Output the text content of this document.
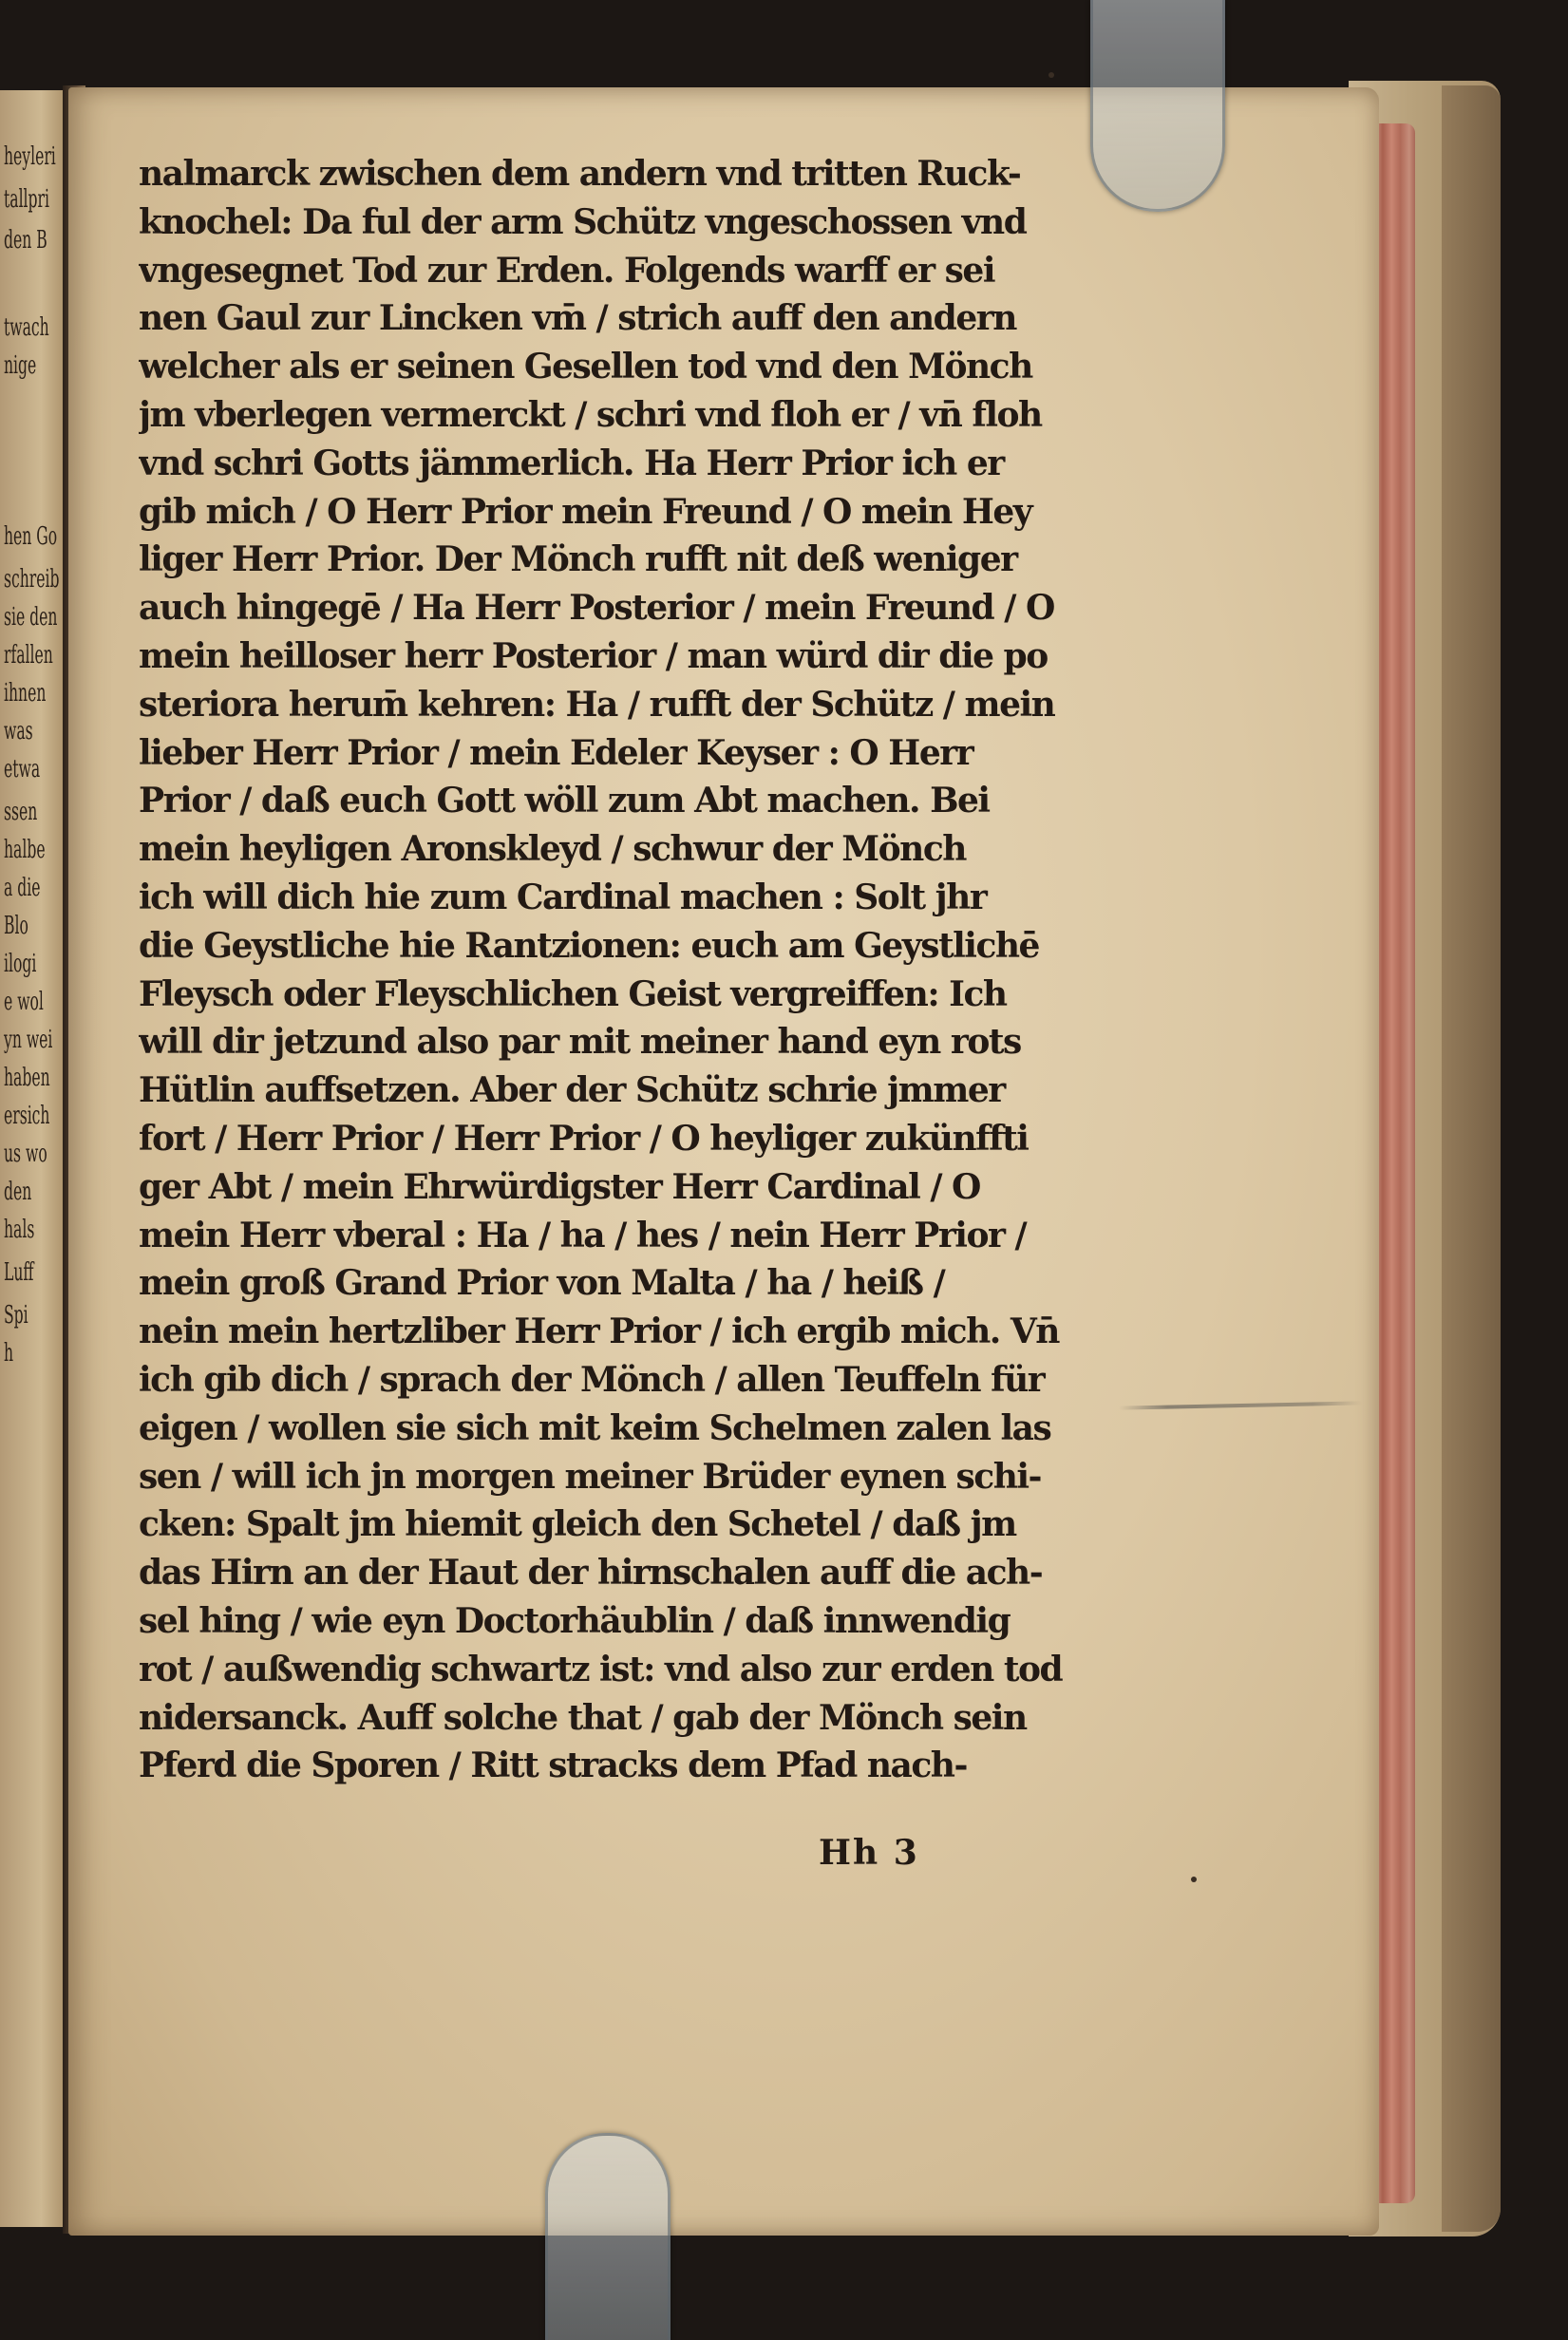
heyleri
tallpri
den B
twach
nige
hen Go
schreib
sie den
rfallen
ihnen
was
etwa
ssen
halbe
a die
Blo
ilogi
e wol
yn wei
haben
ersich
us wo
den
hals
Luff
Spi
h
nalmarck zwischen dem andern vnd tritten Ruck-
knochel: Da ful der arm Schütz vngeschossen vnd
vngesegnet Tod zur Erden. Folgends warff er sei
nen Gaul zur Lincken vm̄ / strich auff den andern
welcher als er seinen Gesellen tod vnd den Mönch
jm vberlegen vermerckt / schri vnd floh er / vn̄ floh
vnd schri Gotts jämmerlich. Ha Herr Prior ich er
gib mich / O Herr Prior mein Freund / O mein Hey
liger Herr Prior. Der Mönch rufft nit deß weniger
auch hingegē / Ha Herr Posterior / mein Freund / O
mein heilloser herr Posterior / man würd dir die po
steriora herum̄ kehren: Ha / rufft der Schütz / mein
lieber Herr Prior / mein Edeler Keyser : O Herr
Prior / daß euch Gott wöll zum Abt machen. Bei
mein heyligen Aronskleyd / schwur der Mönch
ich will dich hie zum Cardinal machen : Solt jhr
die Geystliche hie Rantzionen: euch am Geystlichē
Fleysch oder Fleyschlichen Geist vergreiffen: Ich
will dir jetzund also par mit meiner hand eyn rots
Hütlin auffsetzen. Aber der Schütz schrie jmmer
fort / Herr Prior / Herr Prior / O heyliger zukünffti
ger Abt / mein Ehrwürdigster Herr Cardinal / O
mein Herr vberal : Ha / ha / hes / nein Herr Prior /
mein groß Grand Prior von Malta / ha / heiß /
nein mein hertzliber Herr Prior / ich ergib mich. Vn̄
ich gib dich / sprach der Mönch / allen Teuffeln für
eigen / wollen sie sich mit keim Schelmen zalen las
sen / will ich jn morgen meiner Brüder eynen schi-
cken: Spalt jm hiemit gleich den Schetel / daß jm
das Hirn an der Haut der hirnschalen auff die ach-
sel hing / wie eyn Doctorhäublin / daß innwendig
rot / außwendig schwartz ist: vnd also zur erden tod
nidersanck. Auff solche that / gab der Mönch sein
Pferd die Sporen / Ritt stracks dem Pfad nach-
Hh 3
